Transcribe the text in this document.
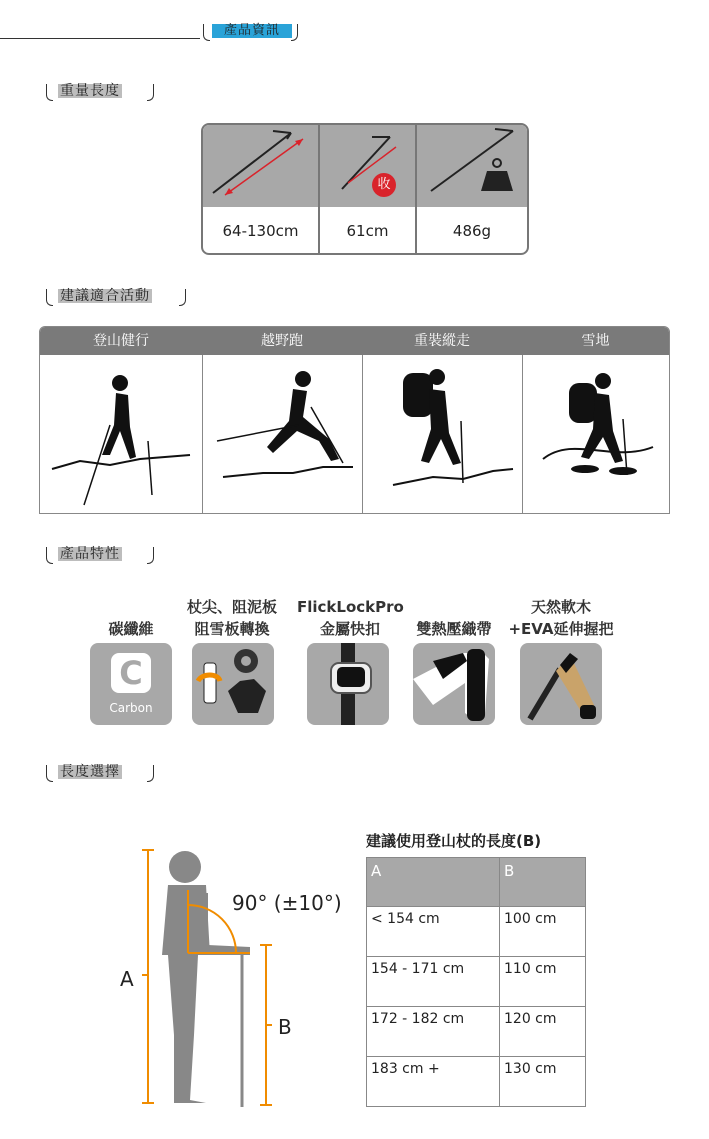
產品資訊
重量長度
收
64-130cm	61cm	486g
建議適合活動
登山健行	越野跑	重裝縱走	雪地
產品特性
碳纖維
C
Carbon
杖尖、阻泥板
阻雪板轉換
FlickLockPro
金屬快扣	雙熱壓織帶
天然軟木
+EVA延伸握把
長度選擇
90° (±10°)
A
B
建議使用登山杖的長度(B)
A	B
< 154 cm	100 cm
154 - 171 cm	110 cm
172 - 182 cm	120 cm
183 cm +	130 cm
